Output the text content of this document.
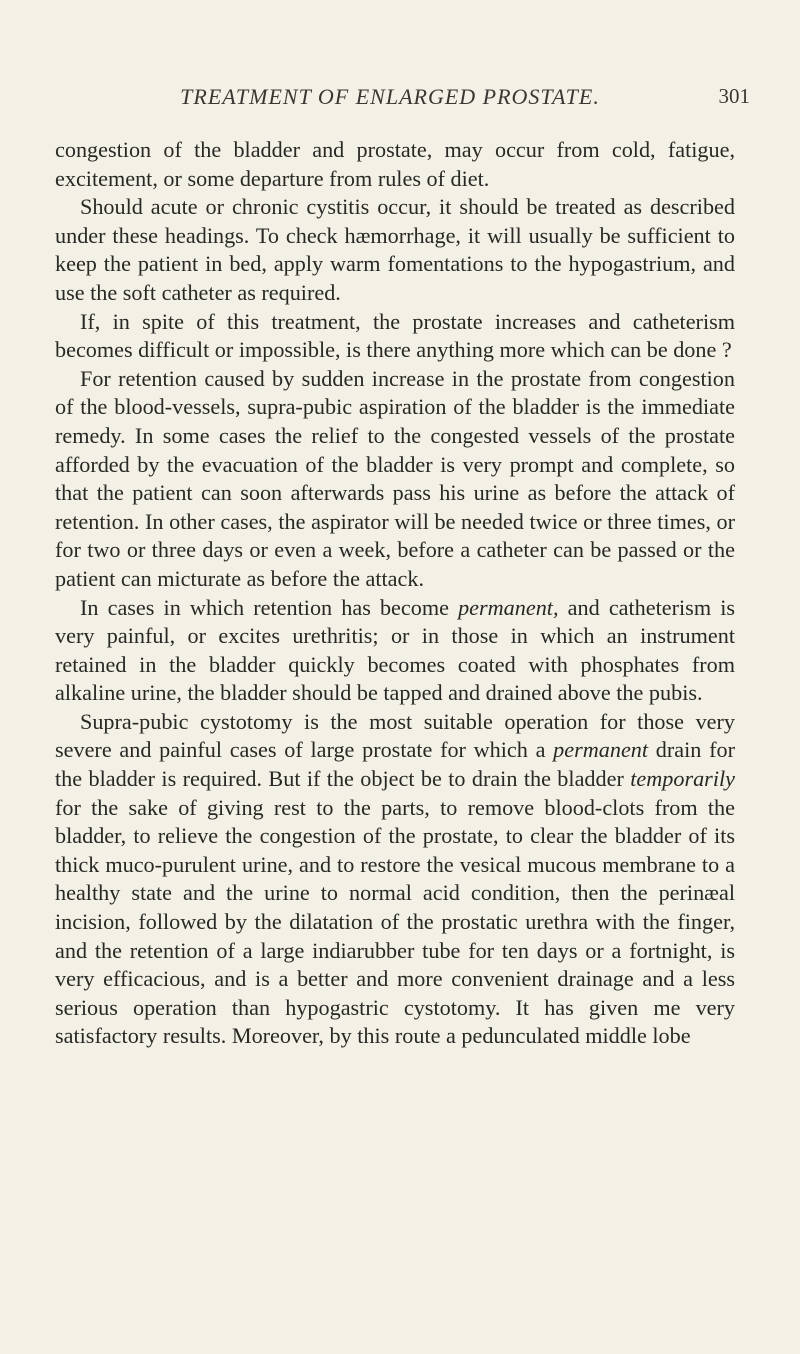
TREATMENT OF ENLARGED PROSTATE.	301

congestion of the bladder and prostate, may occur from cold, fatigue, excitement, or some departure from rules of diet.

Should acute or chronic cystitis occur, it should be treated as described under these headings. To check hæmorrhage, it will usually be sufficient to keep the patient in bed, apply warm fomentations to the hypogastrium, and use the soft catheter as required.

If, in spite of this treatment, the prostate increases and catheterism becomes difficult or impossible, is there anything more which can be done ?

For retention caused by sudden increase in the prostate from congestion of the blood-vessels, supra-pubic aspiration of the bladder is the immediate remedy. In some cases the relief to the congested vessels of the prostate afforded by the evacuation of the bladder is very prompt and complete, so that the patient can soon afterwards pass his urine as before the attack of retention. In other cases, the aspirator will be needed twice or three times, or for two or three days or even a week, before a catheter can be passed or the patient can micturate as before the attack.

In cases in which retention has become permanent, and catheterism is very painful, or excites urethritis; or in those in which an instrument retained in the bladder quickly becomes coated with phosphates from alkaline urine, the bladder should be tapped and drained above the pubis.

Supra-pubic cystotomy is the most suitable operation for those very severe and painful cases of large prostate for which a permanent drain for the bladder is required. But if the object be to drain the bladder temporarily for the sake of giving rest to the parts, to remove blood-clots from the bladder, to relieve the congestion of the prostate, to clear the bladder of its thick muco-purulent urine, and to restore the vesical mucous membrane to a healthy state and the urine to normal acid condition, then the perinæal incision, followed by the dilatation of the prostatic urethra with the finger, and the retention of a large indiarubber tube for ten days or a fortnight, is very efficacious, and is a better and more convenient drainage and a less serious operation than hypogastric cystotomy. It has given me very satisfactory results. Moreover, by this route a pedunculated middle lobe
